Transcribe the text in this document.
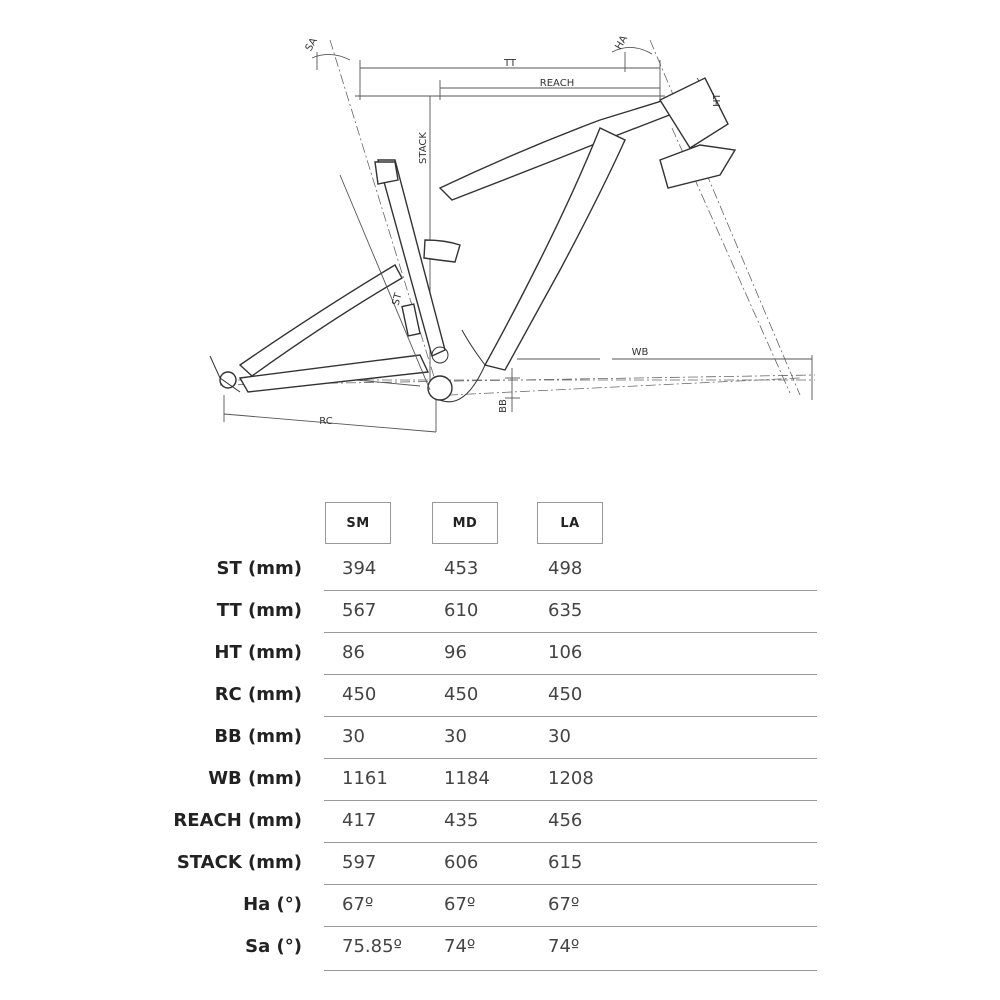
TT
REACH
STACK
HT
SA	HA
ST
WB
RC
BB
SM	MD	LA
ST (mm) 394	453	498
TT (mm) 567	610	635
HT (mm) 86	96	106
RC (mm) 450	450	450
BB (mm) 30	30	30
WB (mm) 1161	1184	1208
REACH (mm) 417	435	456
STACK (mm) 597	606	615
Ha (°) 67º	67º	67º
Sa (°) 75.85º 74º	74º
